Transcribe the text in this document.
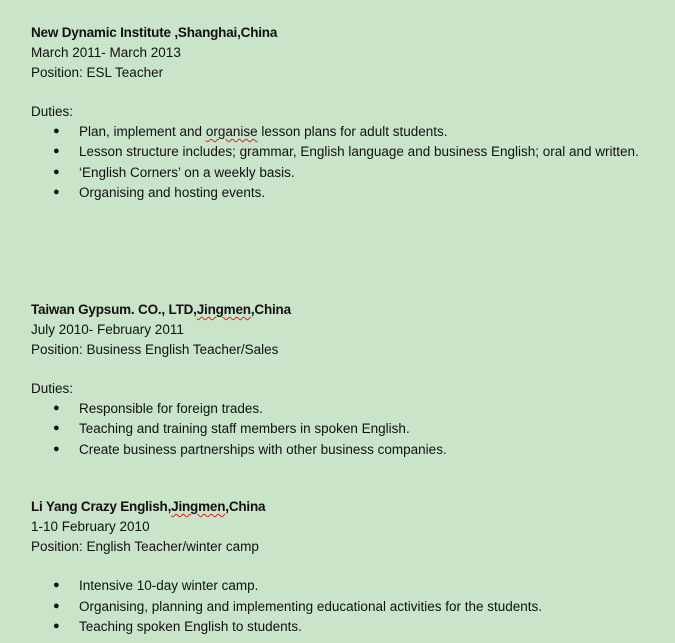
New Dynamic Institute ,Shanghai,China
March 2011- March 2013
Position: ESL Teacher
Duties:
● Plan, implement and organise lesson plans for adult students.
● Lesson structure includes; grammar, English language and business English; oral and written.
● ‘English Corners’ on a weekly basis.
● Organising and hosting events.
Taiwan Gypsum. CO., LTD,Jingmen,China
July 2010- February 2011
Position: Business English Teacher/Sales
Duties:
● Responsible for foreign trades.
● Teaching and training staff members in spoken English.
● Create business partnerships with other business companies.
Li Yang Crazy English,Jingmen,China
1-10 February 2010
Position: English Teacher/winter camp
● Intensive 10-day winter camp.
● Organising, planning and implementing educational activities for the students.
● Teaching spoken English to students.
